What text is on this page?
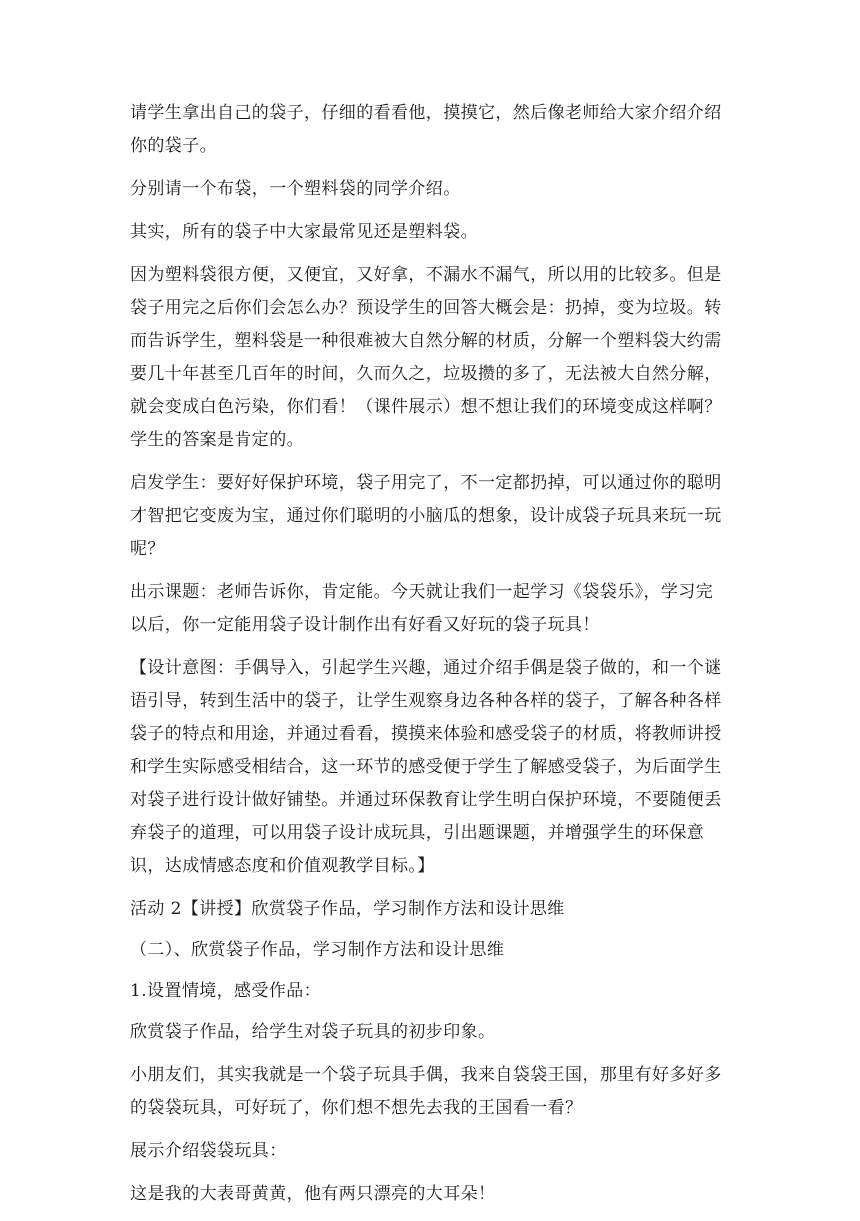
请学生拿出自己的袋子，仔细的看看他，摸摸它，然后像老师给大家介绍介绍你的袋子。

分别请一个布袋，一个塑料袋的同学介绍。

其实，所有的袋子中大家最常见还是塑料袋。

因为塑料袋很方便，又便宜，又好拿，不漏水不漏气，所以用的比较多。但是袋子用完之后你们会怎么办？预设学生的回答大概会是：扔掉，变为垃圾。转而告诉学生，塑料袋是一种很难被大自然分解的材质，分解一个塑料袋大约需要几十年甚至几百年的时间，久而久之，垃圾攒的多了，无法被大自然分解，就会变成白色污染，你们看！（课件展示）想不想让我们的环境变成这样啊？学生的答案是肯定的。

启发学生：要好好保护环境，袋子用完了，不一定都扔掉，可以通过你的聪明才智把它变废为宝，通过你们聪明的小脑瓜的想象，设计成袋子玩具来玩一玩呢？

出示课题：老师告诉你，肯定能。今天就让我们一起学习《袋袋乐》，学习完以后，你一定能用袋子设计制作出有好看又好玩的袋子玩具！

【设计意图：手偶导入，引起学生兴趣，通过介绍手偶是袋子做的，和一个谜语引导，转到生活中的袋子，让学生观察身边各种各样的袋子，了解各种各样袋子的特点和用途，并通过看看，摸摸来体验和感受袋子的材质，将教师讲授和学生实际感受相结合，这一环节的感受便于学生了解感受袋子，为后面学生对袋子进行设计做好铺垫。并通过环保教育让学生明白保护环境，不要随便丢弃袋子的道理，可以用袋子设计成玩具，引出题课题，并增强学生的环保意识，达成情感态度和价值观教学目标。】

活动 2【讲授】欣赏袋子作品，学习制作方法和设计思维

（二）、欣赏袋子作品，学习制作方法和设计思维

1.设置情境，感受作品：

欣赏袋子作品，给学生对袋子玩具的初步印象。

小朋友们，其实我就是一个袋子玩具手偶，我来自袋袋王国，那里有好多好多的袋袋玩具，可好玩了，你们想不想先去我的王国看一看？

展示介绍袋袋玩具：

这是我的大表哥黄黄，他有两只漂亮的大耳朵！
